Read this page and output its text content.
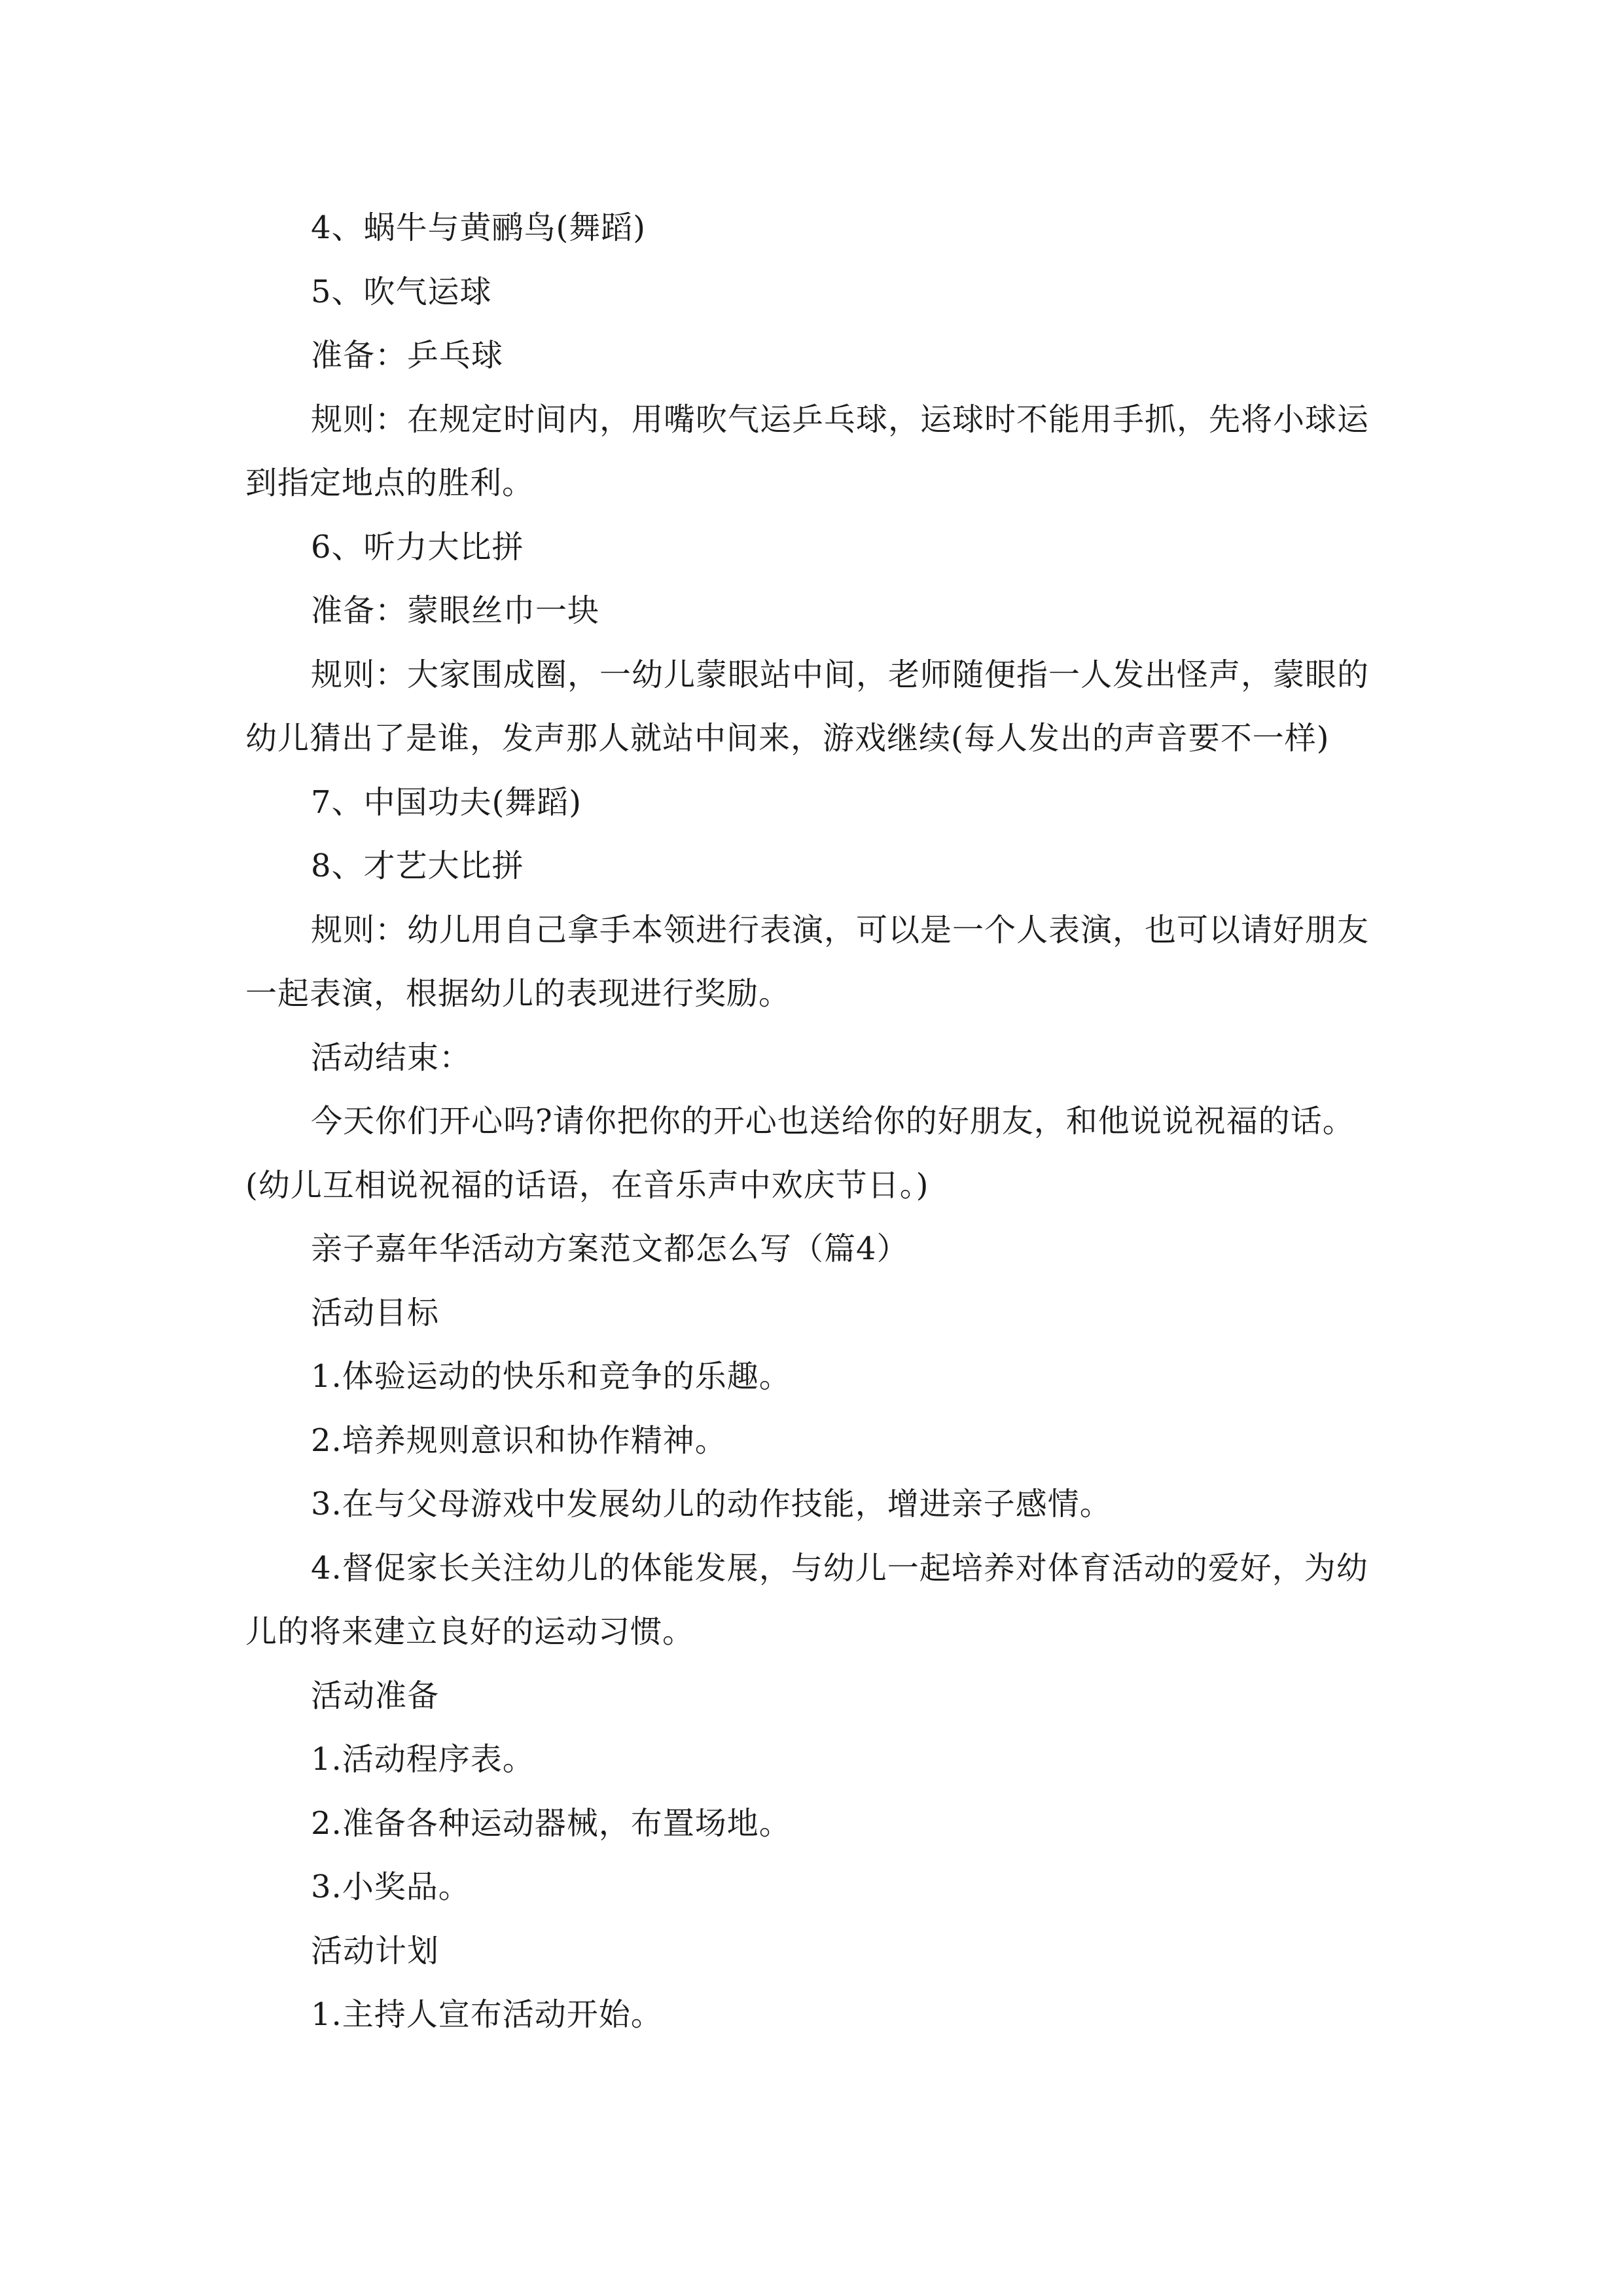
4、蜗牛与黄鹂鸟(舞蹈)

5、吹气运球

准备：乒乓球

规则：在规定时间内，用嘴吹气运乒乓球，运球时不能用手抓，先将小球运到指定地点的胜利。

6、听力大比拼

准备：蒙眼丝巾一块

规则：大家围成圈，一幼儿蒙眼站中间，老师随便指一人发出怪声，蒙眼的幼儿猜出了是谁，发声那人就站中间来，游戏继续(每人发出的声音要不一样)

7、中国功夫(舞蹈)

8、才艺大比拼

规则：幼儿用自己拿手本领进行表演，可以是一个人表演，也可以请好朋友一起表演，根据幼儿的表现进行奖励。

活动结束：

今天你们开心吗?请你把你的开心也送给你的好朋友，和他说说祝福的话。(幼儿互相说祝福的话语，在音乐声中欢庆节日。)

亲子嘉年华活动方案范文都怎么写（篇4）

活动目标

1.体验运动的快乐和竞争的乐趣。

2.培养规则意识和协作精神。

3.在与父母游戏中发展幼儿的动作技能，增进亲子感情。

4.督促家长关注幼儿的体能发展，与幼儿一起培养对体育活动的爱好，为幼儿的将来建立良好的运动习惯。

活动准备

1.活动程序表。

2.准备各种运动器械，布置场地。

3.小奖品。

活动计划

1.主持人宣布活动开始。
